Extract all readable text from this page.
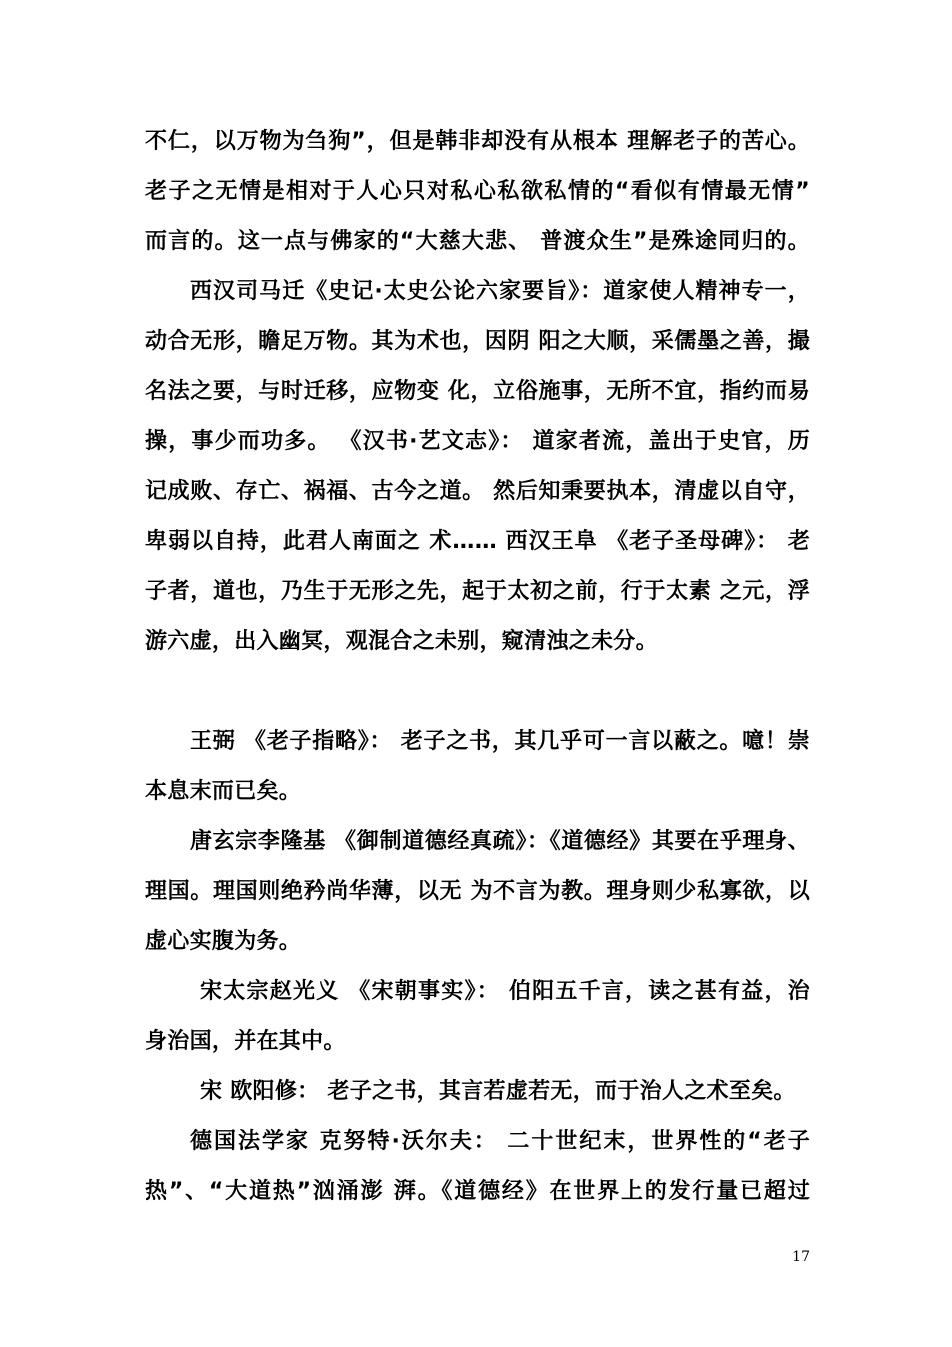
不仁，以万物为刍狗”，但是韩非却没有从根本 理解老子的苦心。
老子之无情是相对于人心只对私心私欲私情的“看似有情最无情”
而言的。这一点与佛家的“大慈大悲、 普渡众生”是殊途同归的。
西汉司马迁《史记·太史公论六家要旨》：道家使人精神专一，
动合无形，瞻足万物。其为术也，因阴 阳之大顺，采儒墨之善，撮
名法之要，与时迁移，应物变 化，立俗施事，无所不宜，指约而易
操，事少而功多。 《汉书·艺文志》： 道家者流，盖出于史官，历
记成败、存亡、祸福、古今之道。 然后知秉要执本，清虚以自守，
卑弱以自持，此君人南面之 术…… 西汉王阜 《老子圣母碑》： 老
子者，道也，乃生于无形之先，起于太初之前，行于太素 之元，浮
游六虚，出入幽冥，观混合之未别，窥清浊之未分。
王弼 《老子指略》： 老子之书，其几乎可一言以蔽之。噫！崇
本息末而已矣。
唐玄宗李隆基 《御制道德经真疏》：《道德经》其要在乎理身、
理国。理国则绝矜尚华薄，以无 为不言为教。理身则少私寡欲，以
虚心实腹为务。
宋太宗赵光义 《宋朝事实》： 伯阳五千言，读之甚有益，治
身治国，并在其中。
宋 欧阳修： 老子之书，其言若虚若无，而于治人之术至矣。
德国法学家 克努特·沃尔夫： 二十世纪末，世界性的“老子
热”、“大道热”汹涌澎 湃。《道德经》在世界上的发行量已超过
17
